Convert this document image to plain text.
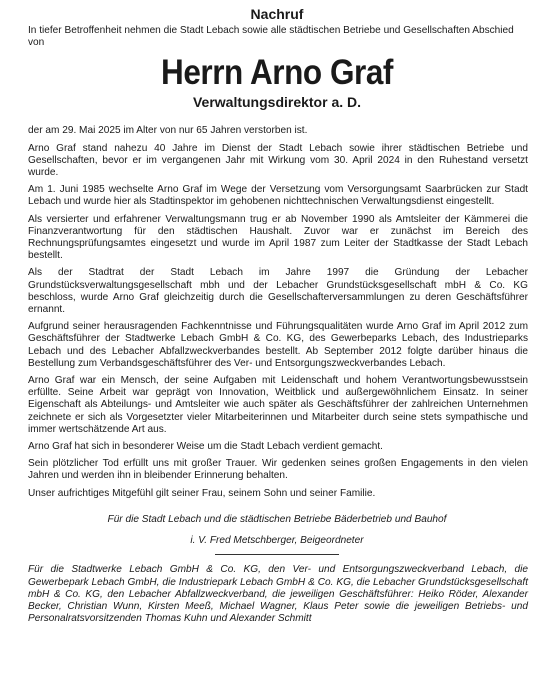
Nachruf
In tiefer Betroffenheit nehmen die Stadt Lebach sowie alle städtischen Betriebe und Gesellschaften Abschied von
Herrn Arno Graf
Verwaltungsdirektor a. D.

der am 29. Mai 2025 im Alter von nur 65 Jahren verstorben ist.

Arno Graf stand nahezu 40 Jahre im Dienst der Stadt Lebach sowie ihrer städtischen Betriebe und Gesellschaften, bevor er im vergangenen Jahr mit Wirkung vom 30. April 2024 in den Ruhestand versetzt wurde.

Am 1. Juni 1985 wechselte Arno Graf im Wege der Versetzung vom Versorgungsamt Saarbrücken zur Stadt Lebach und wurde hier als Stadtinspektor im gehobenen nichttechnischen Verwaltungsdienst eingestellt.

Als versierter und erfahrener Verwaltungsmann trug er ab November 1990 als Amtsleiter der Kämmerei die Finanzverantwortung für den städtischen Haushalt. Zuvor war er zunächst im Bereich des Rechnungsprüfungsamtes eingesetzt und wurde im April 1987 zum Leiter der Stadtkasse der Stadt Lebach bestellt.

Als der Stadtrat der Stadt Lebach im Jahre 1997 die Gründung der Lebacher Grundstücksverwaltungsgesellschaft mbh und der Lebacher Grundstücksgesellschaft mbH & Co. KG beschloss, wurde Arno Graf gleichzeitig durch die Gesellschafterversammlungen zu deren Geschäftsführer ernannt.

Aufgrund seiner herausragenden Fachkenntnisse und Führungsqualitäten wurde Arno Graf im April 2012 zum Geschäftsführer der Stadtwerke Lebach GmbH & Co. KG, des Gewerbeparks Lebach, des Industrieparks Lebach und des Lebacher Abfallzweckverbandes bestellt. Ab September 2012 folgte darüber hinaus die Bestellung zum Verbandsgeschäftsführer des Ver- und Entsorgungszweckverbandes Lebach.

Arno Graf war ein Mensch, der seine Aufgaben mit Leidenschaft und hohem Verantwortungsbewusstsein erfüllte. Seine Arbeit war geprägt von Innovation, Weitblick und außergewöhnlichem Einsatz. In seiner Eigenschaft als Abteilungs- und Amtsleiter wie auch später als Geschäftsführer der zahlreichen Unternehmen zeichnete er sich als Vorgesetzter vieler Mitarbeiterinnen und Mitarbeiter durch seine stets sympathische und immer wertschätzende Art aus.

Arno Graf hat sich in besonderer Weise um die Stadt Lebach verdient gemacht.

Sein plötzlicher Tod erfüllt uns mit großer Trauer. Wir gedenken seines großen Engagements in den vielen Jahren und werden ihn in bleibender Erinnerung behalten.

Unser aufrichtiges Mitgefühl gilt seiner Frau, seinem Sohn und seiner Familie.

Für die Stadt Lebach und die städtischen Betriebe Bäderbetrieb und Bauhof

i. V. Fred Metschberger, Beigeordneter

Für die Stadtwerke Lebach GmbH & Co. KG, den Ver- und Entsorgungszweckverband Lebach, die Gewerbepark Lebach GmbH, die Industriepark Lebach GmbH & Co. KG, die Lebacher Grundstücksgesellschaft mbH & Co. KG, den Lebacher Abfallzweckverband, die jeweiligen Geschäftsführer: Heiko Röder, Alexander Becker, Christian Wunn, Kirsten Meeß, Michael Wagner, Klaus Peter sowie die jeweiligen Betriebs- und Personalratsvorsitzenden Thomas Kuhn und Alexander Schmitt
